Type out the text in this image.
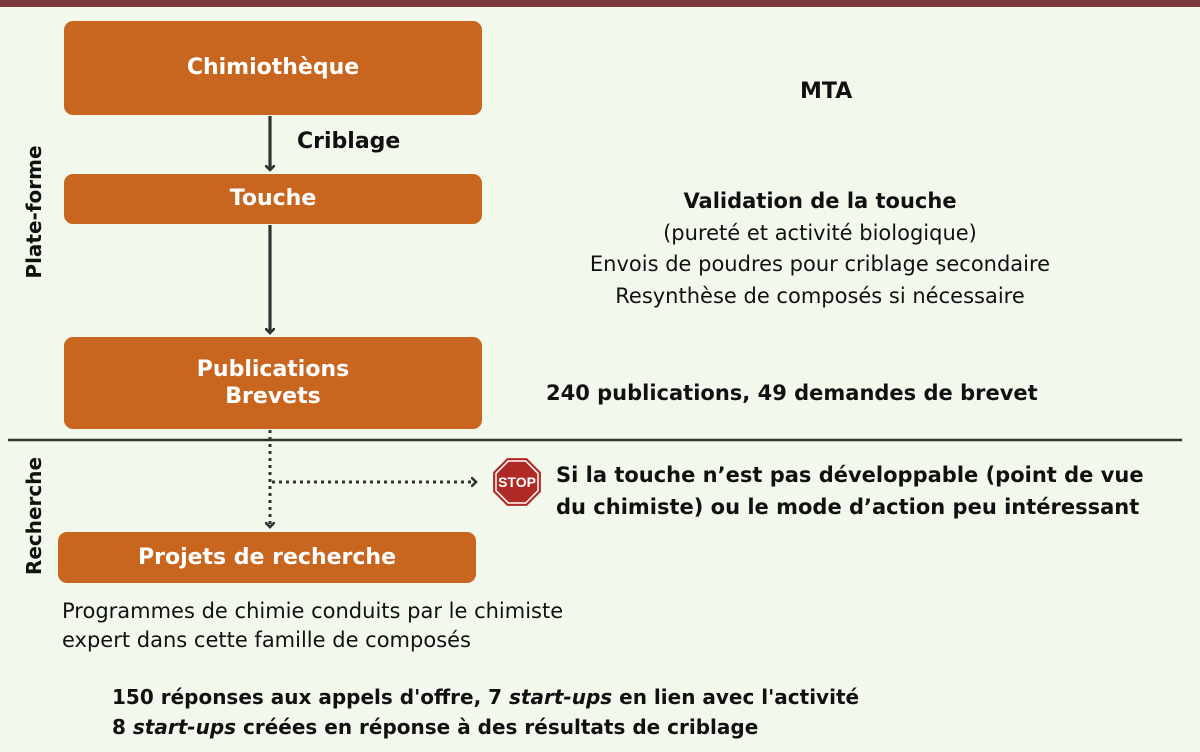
STOP
Plate-forme
Recherche
Chimiothèque
Touche
Publications
Brevets
Projets de recherche
Criblage
MTA
Validation de la touche
(pureté et activité biologique)
Envois de poudres pour criblage secondaire
Resynthèse de composés si nécessaire
240 publications, 49 demandes de brevet
Si la touche n’est pas développable (point de vue
du chimiste) ou le mode d’action peu intéressant
Programmes de chimie conduits par le chimiste
expert dans cette famille de composés
150 réponses aux appels d'offre, 7 start-ups en lien avec l'activité
8 start-ups créées en réponse à des résultats de criblage
